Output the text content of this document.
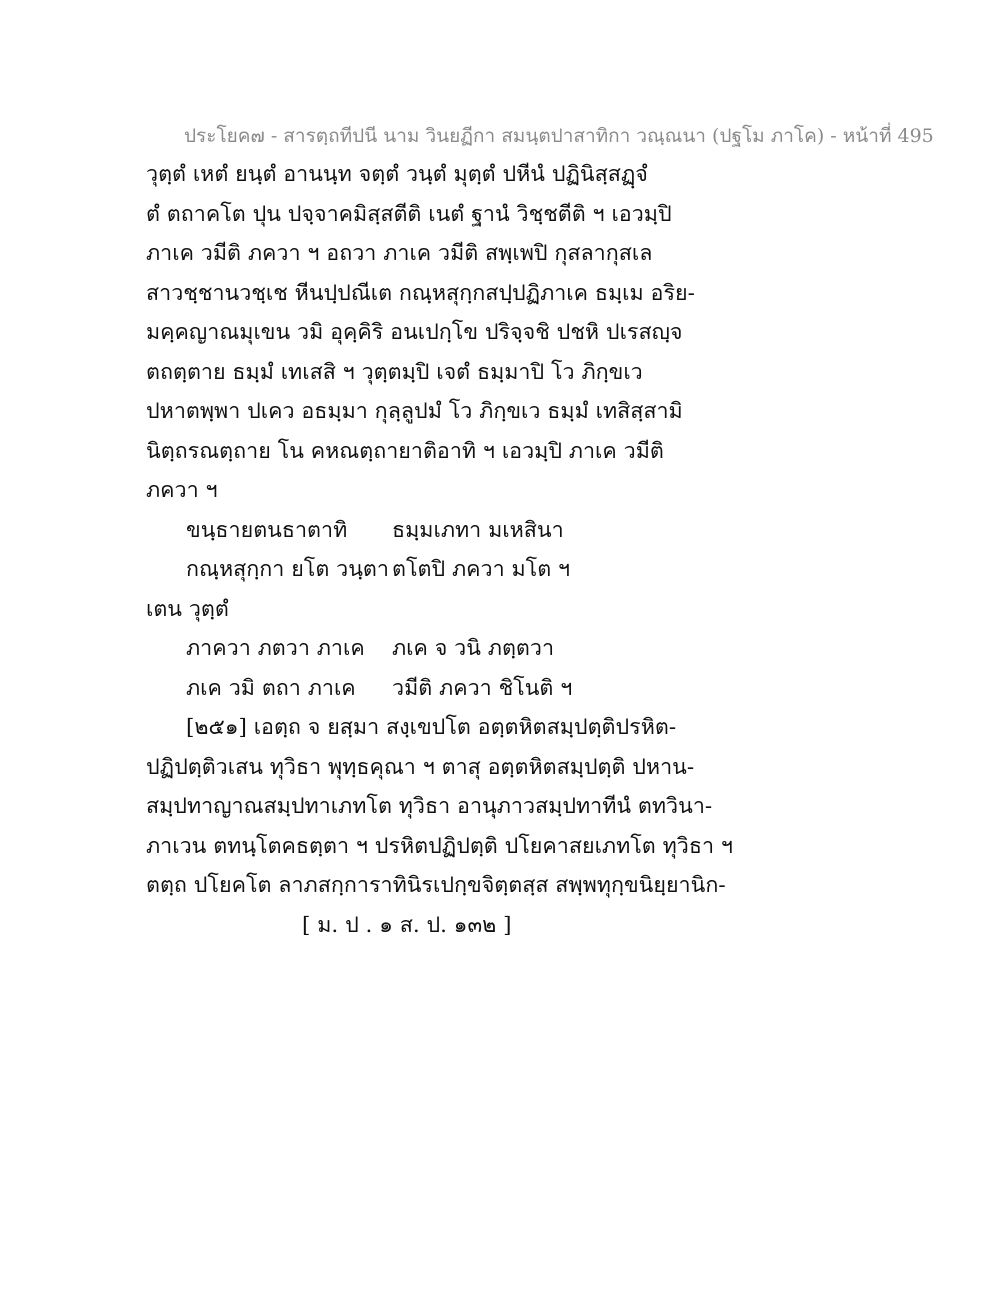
ประโยค๗ - สารตฺถทีปนี นาม วินยฏีกา สมนฺตปาสาทิกา วณฺณนา (ปฐโม ภาโค) - หน้าที่ 495
วุตฺตํ เหตํ ยนฺตํ อานนฺท จตฺตํ วนฺตํ มุตฺตํ ปหีนํ ปฏินิสฺสฏฺจํ
ตํ ตถาคโต ปุน ปจฺจาคมิสฺสตีติ เนตํ ฐานํ วิชฺชตีติ ฯ เอวมฺปิ
ภาเค วมีติ ภควา ฯ อถวา ภาเค วมีติ สพฺเพปิ กุสลากุสเล
สาวชฺชานวชฺเช หีนปฺปณีเต กณฺหสุกฺกสปฺปฏิภาเค ธมฺเม อริย-
มคฺคญาณมุเขน วมิ อุคฺคิริ อนเปกฺโข ปริจฺจชิ ปชหิ ปเรสญฺจ
ตถตฺตาย ธมฺมํ เทเสสิ ฯ วุตฺตมฺปิ เจตํ ธมฺมาปิ โว ภิกฺขเว
ปหาตพฺพา ปเคว อธมฺมา กุลฺลูปมํ โว ภิกฺขเว ธมฺมํ เทสิสฺสามิ
นิตฺถรณตฺถาย โน คหณตฺถายาติอาทิ ฯ เอวมฺปิ ภาเค วมีติ
ภควา ฯ
ขนฺธายตนธาตาทิ	ธมฺมเภทา มเหสินา
กณฺหสุกฺกา ยโต วนฺตา ตโตปิ ภควา มโต ฯ
เตน วุตฺตํ
ภาควา ภตวา ภาเค	ภเค จ วนิ ภตฺตวา
ภเค วมิ ตถา ภาเค	วมีติ ภควา ชิโนติ ฯ
[๒๕๑] เอตฺถ จ ยสฺมา สงฺเขปโต อตฺตหิตสมฺปตฺติปรหิต-
ปฏิปตฺติวเสน ทุวิธา พุทฺธคุณา ฯ ตาสุ อตฺตหิตสมฺปตฺติ ปหาน-
สมฺปทาญาณสมฺปทาเภทโต ทุวิธา อานุภาวสมฺปทาทีนํ ตทวินา-
ภาเวน ตทนฺโตคธตฺตา ฯ ปรหิตปฏิปตฺติ ปโยคาสยเภทโต ทุวิธา ฯ
ตตฺถ ปโยคโต ลาภสกฺการาทินิรเปกฺขจิตฺตสฺส สพฺพทุกฺขนิยฺยานิก-
[ ม. ป . ๑ ส. ป. ๑๓๒ ]
